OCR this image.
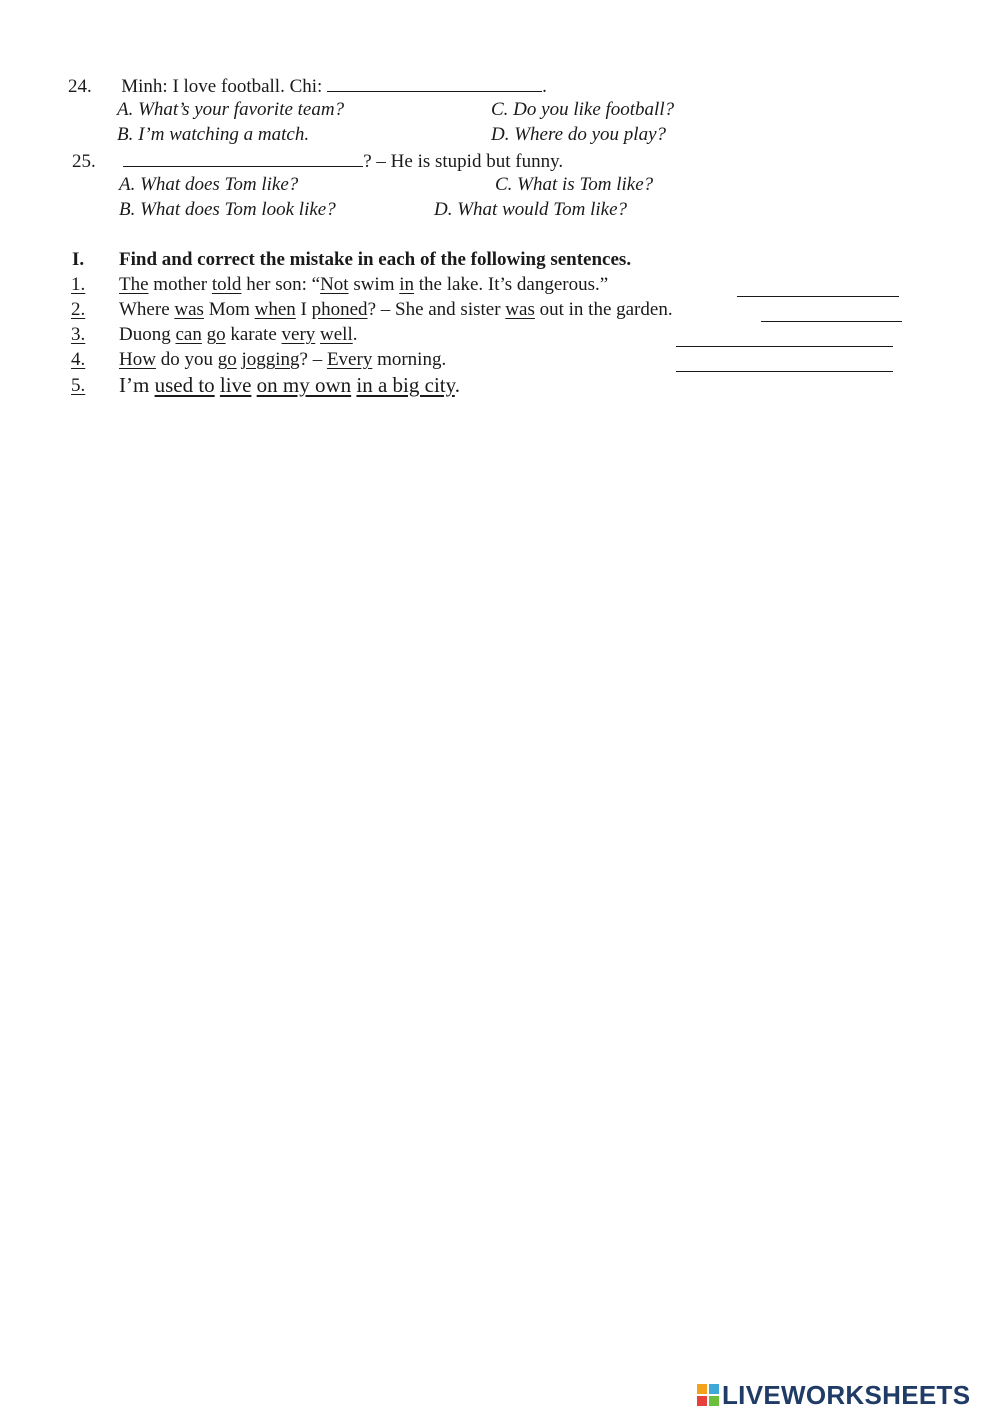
24. Minh: I love football. Chi:	.
A. What’s your favorite team?	C. Do you like football?
B. I’m watching a match.	D. Where do you play?
25.	? – He is stupid but funny.
A. What does Tom like?	C. What is Tom like?
B. What does Tom look like?	D. What would Tom like?
I. Find and correct the mistake in each of the following sentences.
1. The mother told her son: “Not swim in the lake. It’s dangerous.”
2. Where was Mom when I phoned? – She and sister was out in the garden.
3. Duong can go karate very well.
4. How do you go jogging? – Every morning.
5. I’m used to live on my own in a big city.
LIVEWORKSHEETS
